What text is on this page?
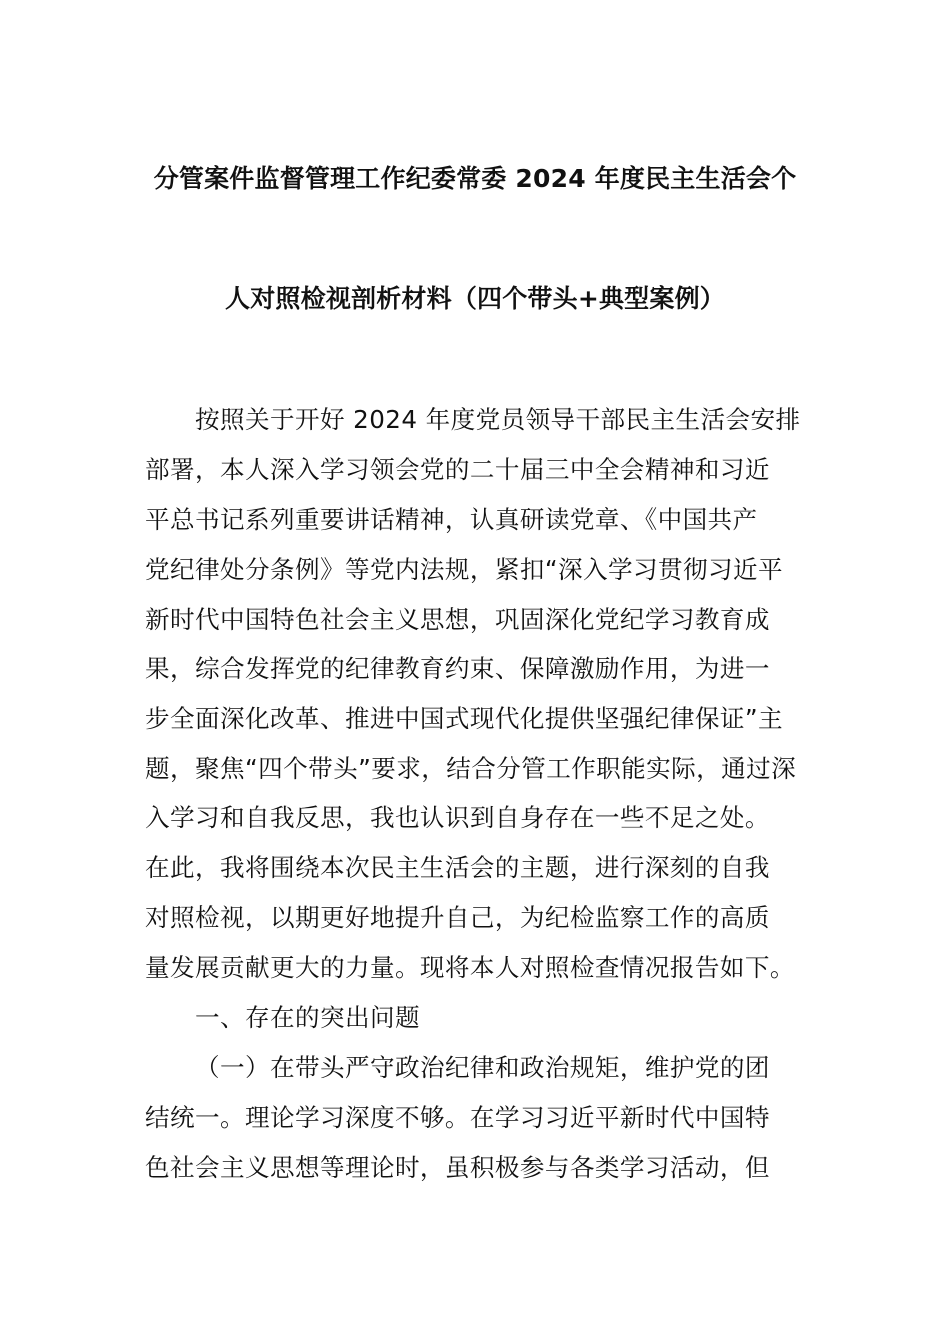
分管案件监督管理工作纪委常委 2024 年度民主生活会个
人对照检视剖析材料（四个带头+典型案例）
按照关于开好 2024 年度党员领导干部民主生活会安排
部署，本人深入学习领会党的二十届三中全会精神和习近
平总书记系列重要讲话精神，认真研读党章、《中国共产
党纪律处分条例》等党内法规，紧扣“深入学习贯彻习近平
新时代中国特色社会主义思想，巩固深化党纪学习教育成
果，综合发挥党的纪律教育约束、保障激励作用，为进一
步全面深化改革、推进中国式现代化提供坚强纪律保证”主
题，聚焦“四个带头”要求，结合分管工作职能实际，通过深
入学习和自我反思，我也认识到自身存在一些不足之处。
在此，我将围绕本次民主生活会的主题，进行深刻的自我
对照检视，以期更好地提升自己，为纪检监察工作的高质
量发展贡献更大的力量。现将本人对照检查情况报告如下。
一、存在的突出问题
（一）在带头严守政治纪律和政治规矩，维护党的团
结统一。理论学习深度不够。在学习习近平新时代中国特
色社会主义思想等理论时，虽积极参与各类学习活动，但
